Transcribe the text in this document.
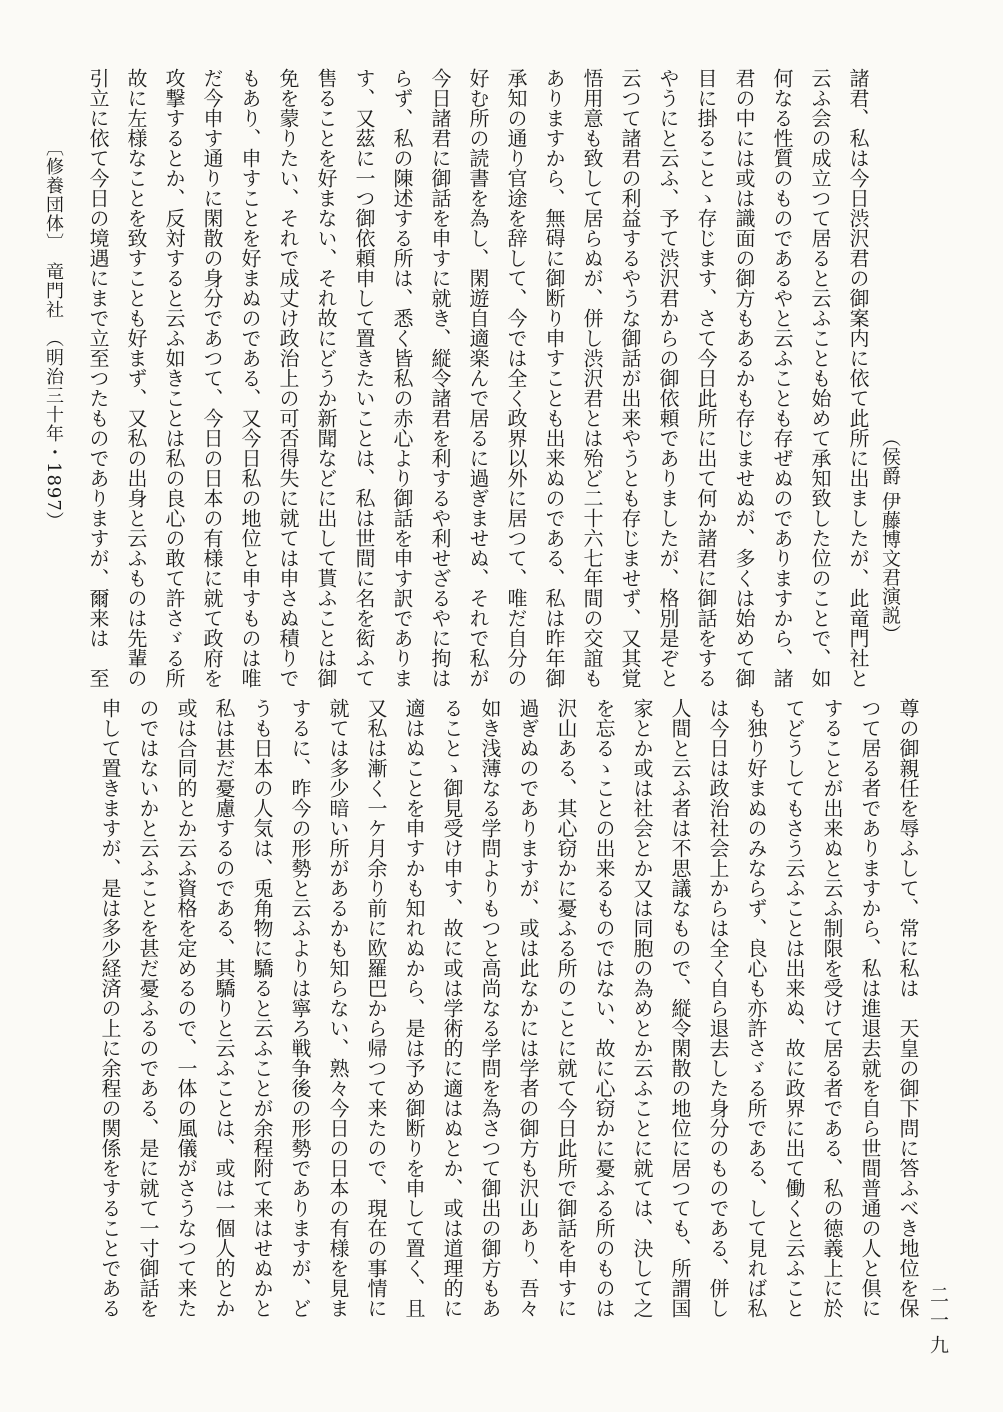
（侯爵 伊藤博文君演説）
諸君、私は今日渋沢君の御案内に依て此所に出ましたが、此竜門社と
云ふ会の成立つて居ると云ふことも始めて承知致した位のことで、如
何なる性質のものであるやと云ふことも存ぜぬのでありますから、諸
君の中には或は識面の御方もあるかも存じませぬが、多くは始めて御
目に掛ることゝ存じます、さて今日此所に出て何か諸君に御話をする
やうにと云ふ、予て渋沢君からの御依頼でありましたが、格別是ぞと
云つて諸君の利益するやうな御話が出来やうとも存じませず、又其覚
悟用意も致して居らぬが、併し渋沢君とは殆ど二十六七年間の交誼も
ありますから、無碍に御断り申すことも出来ぬのである、私は昨年御
承知の通り官途を辞して、今では全く政界以外に居つて、唯だ自分の
好む所の読書を為し、閑遊自適楽んで居るに過ぎませぬ、それで私が
今日諸君に御話を申すに就き、縦令諸君を利するや利せざるやに拘は
らず、私の陳述する所は、悉く皆私の赤心より御話を申す訳でありま
す、又茲に一つ御依頼申して置きたいことは、私は世間に名を衒ふて
售ることを好まない、それ故にどうか新聞などに出して貰ふことは御
免を蒙りたい、それで成丈け政治上の可否得失に就ては申さぬ積りで
もあり、申すことを好まぬのである、又今日私の地位と申すものは唯
だ今申す通りに閑散の身分であつて、今日の日本の有様に就て政府を
攻撃するとか、反対すると云ふ如きことは私の良心の敢て許さゞる所
故に左様なことを致すことも好まず、又私の出身と云ふものは先輩の
引立に依て今日の境遇にまで立至つたものでありますが、爾来は　至
尊の御親任を辱ふして、常に私は　天皇の御下問に答ふべき地位を保
つて居る者でありますから、私は進退去就を自ら世間普通の人と倶に
することが出来ぬと云ふ制限を受けて居る者である、私の徳義上に於
てどうしてもさう云ふことは出来ぬ、故に政界に出て働くと云ふこと
も独り好まぬのみならず、良心も亦許さゞる所である、して見れば私
は今日は政治社会上からは全く自ら退去した身分のものである、併し
人間と云ふ者は不思議なもので、縦令閑散の地位に居つても、所謂国
家とか或は社会とか又は同胞の為めとか云ふことに就ては、決して之
を忘るゝことの出来るものではない、故に心窃かに憂ふる所のものは
沢山ある、其心窃かに憂ふる所のことに就て今日此所で御話を申すに
過ぎぬのでありますが、或は此なかには学者の御方も沢山あり、吾々
如き浅薄なる学問よりもつと高尚なる学問を為さつて御出の御方もあ
ることゝ御見受け申す、故に或は学術的に適はぬとか、或は道理的に
適はぬことを申すかも知れぬから、是は予め御断りを申して置く、且
又私は漸く一ケ月余り前に欧羅巴から帰つて来たので、現在の事情に
就ては多少暗い所があるかも知らない、熟々今日の日本の有様を見ま
するに、昨今の形勢と云ふよりは寧ろ戦争後の形勢でありますが、ど
うも日本の人気は、兎角物に驕ると云ふことが余程附て来はせぬかと
私は甚だ憂慮するのである、其驕りと云ふことは、或は一個人的とか
或は合同的とか云ふ資格を定めるので、一体の風儀がさうなつて来た
のではないかと云ふことを甚だ憂ふるのである、是に就て一寸御話を
申して置きますが、是は多少経済の上に余程の関係をすることである
〔修養団体〕　竜門社　（明治三十年・1897）
二一九
